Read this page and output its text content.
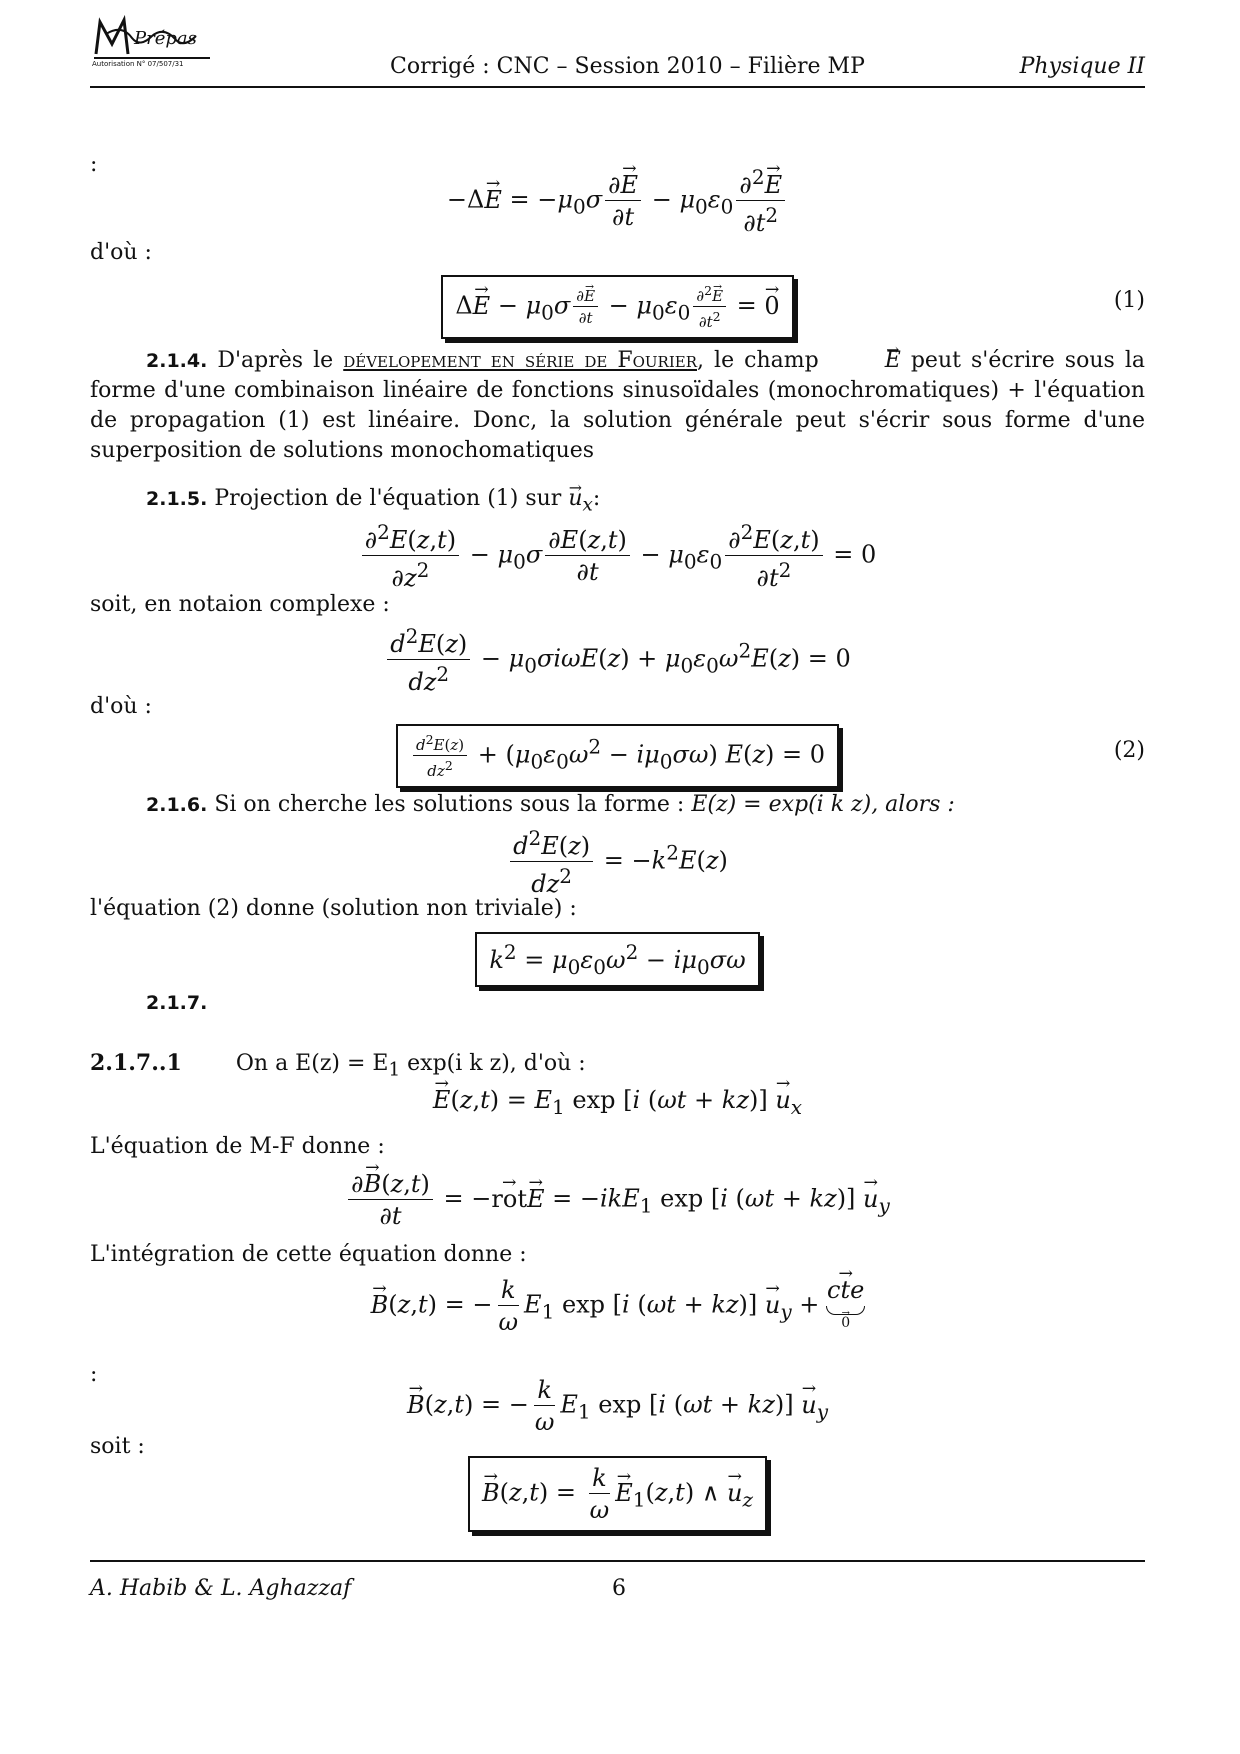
Prépas
Autorisation N° 07/507/31	Corrigé : CNC – Session 2010 – Filière MP	Physique II
:
$-\Delta\to E = -\mu_0\sigma \frac{\partial\to E}{\partial t} - \mu_0\varepsilon_0 \frac{\partial^2\to E}{\partial t^2}$
d'où :
$\Delta\to E - \mu_0\sigma \frac{\partial\to E}{\partial t} - \mu_0\varepsilon_0 \frac{\partial^2\to E}{\partial t^2}$ = → 0	(1)
2.1.4. D'après le dévelopement en série de Fourier, le champ	→ E peut s'écrire sous la forme d'une combinaison linéaire de fonctions sinusoïdales (monochromatiques) + l'équation de propagation (1) est linéaire. Donc, la solution générale peut s'écrir sous forme d'une superposition de solutions monochomatiques
2.1.5. Projection de l'équation (1) sur → $u_x$:
$\frac{\partial^2E(z,t)}{\partial z^2} - \mu_0\sigma \frac{\partial E(z,t)}{\partial t} - \mu_0\varepsilon_0 \frac{\partial^2E(z,t)}{\partial t^2} = 0$
soit, en notaion complexe :
$\frac{d^2E(z)}{dz^2} - \mu_0\sigma i\omega E(z) + \mu_0\varepsilon_0\omega^2E(z) = 0$
d'où :
$\frac{d^2E(z)}{dz^2} + (\mu_0\varepsilon_0\omega^2 - i\mu_0\sigma\omega) E(z) = 0$	(2)
2.1.6. Si on cherche les solutions sous la forme : E(z) = exp(i k z), alors :
$\frac{d^2E(z)}{dz^2} = -k^2E(z)$
l'équation (2) donne (solution non triviale) :
$k^2 = \mu_0\varepsilon_0\omega^2 - i\mu_0\sigma\omega$
2.1.7.
2.1.7..1 On a $E(z) = E_1$ exp(i k z), d'où :
→ $E(z,t) = E_1$ exp [i $(\omega t + kz)] \to u_x$
L'équation de M-F donne :
$\frac{\partial\to B(z,t)}{\partial t}$ = −→ rot→ E = −ikE$_1$ exp [i $(\omega t + kz)] \to u_y$
L'intégration de cette équation donne :
→ B(z,t) = − $\frac{k}{\omega} E_1$ exp [i $(\omega t + kz)] \to u_y$ +
→ cte
→ 0
:
→ B(z,t) = − $\frac{k}{\omega} E_1$ exp [i $(\omega t + kz)] \to u_y$
soit :
→ $B(z,t) = \frac{k}{\omega} \to E_1(z,t)$ ∧ → $u_z$
A. Habib & L. Aghazzaf	6
